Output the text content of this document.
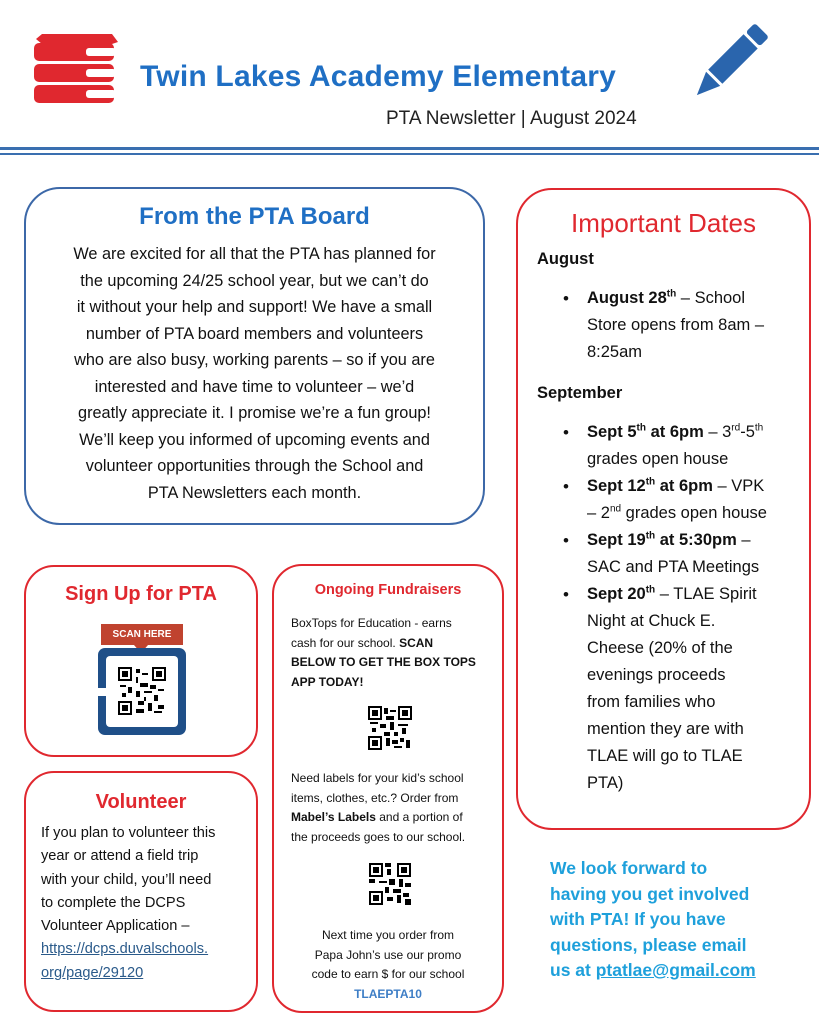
Twin Lakes Academy Elementary
PTA Newsletter | August 2024
From the PTA Board
We are excited for all that the PTA has planned for
the upcoming 24/25 school year, but we can’t do
it without your help and support! We have a small
number of PTA board members and volunteers
who are also busy, working parents – so if you are
interested and have time to volunteer – we’d
greatly appreciate it. I promise we’re a fun group!
We’ll keep you informed of upcoming events and
volunteer opportunities through the School and
PTA Newsletters each month.
Important Dates
August
• August 28th – School
Store opens from 8am –
8:25am
September
• Sept 5th at 6pm – 3rd-5th
grades open house
• Sept 12th at 6pm – VPK
– 2nd grades open house
• Sept 19th at 5:30pm –
SAC and PTA Meetings
• Sept 20th – TLAE Spirit
Night at Chuck E.
Cheese (20% of the
evenings proceeds
from families who
mention they are with
TLAE will go to TLAE
PTA)
Sign Up for PTA
SCAN HERE
Volunteer
If you plan to volunteer this
year or attend a field trip
with your child, you’ll need
to complete the DCPS
Volunteer Application –
https://dcps.duvalschools.
org/page/29120
Ongoing Fundraisers
BoxTops for Education - earns
cash for our school. SCAN
BELOW TO GET THE BOX TOPS
APP TODAY!
Need labels for your kid’s school
items, clothes, etc.? Order from
Mabel’s Labels and a portion of
the proceeds goes to our school.
Next time you order from
Papa John’s use our promo
code to earn $ for our school
TLAEPTA10
We look forward to
having you get involved
with PTA! If you have
questions, please email
us at ptatlae@gmail.com
